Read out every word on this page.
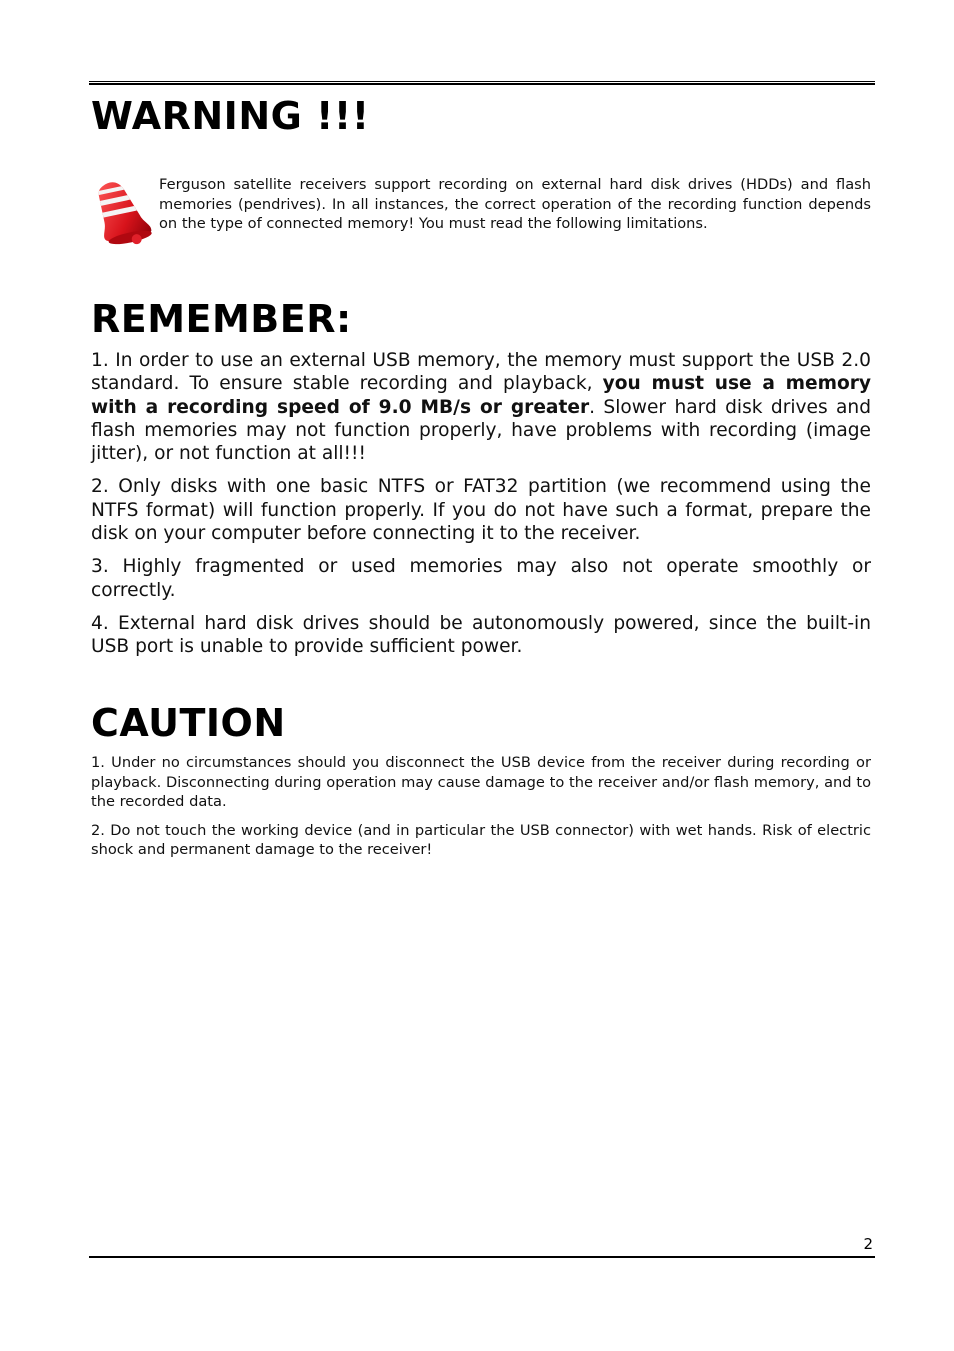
WARNING !!!

Ferguson satellite receivers support recording on external hard disk drives (HDDs) and flash memories (pendrives). In all instances, the correct operation of the recording function depends on the type of connected memory! You must read the following limitations.

REMEMBER:

1. In order to use an external USB memory, the memory must support the USB 2.0 standard. To ensure stable recording and playback, you must use a memory with a recording speed of 9.0 MB/s or greater. Slower hard disk drives and flash memories may not function properly, have problems with recording (image jitter), or not function at all!!!

2. Only disks with one basic NTFS or FAT32 partition (we recommend using the NTFS format) will function properly. If you do not have such a format, prepare the disk on your computer before connecting it to the receiver.

3. Highly fragmented or used memories may also not operate smoothly or correctly.

4. External hard disk drives should be autonomously powered, since the built-in USB port is unable to provide sufficient power.

CAUTION

1. Under no circumstances should you disconnect the USB device from the receiver during recording or playback. Disconnecting during operation may cause damage to the receiver and/or flash memory, and to the recorded data.

2. Do not touch the working device (and in particular the USB connector) with wet hands. Risk of electric shock and permanent damage to the receiver!

2
